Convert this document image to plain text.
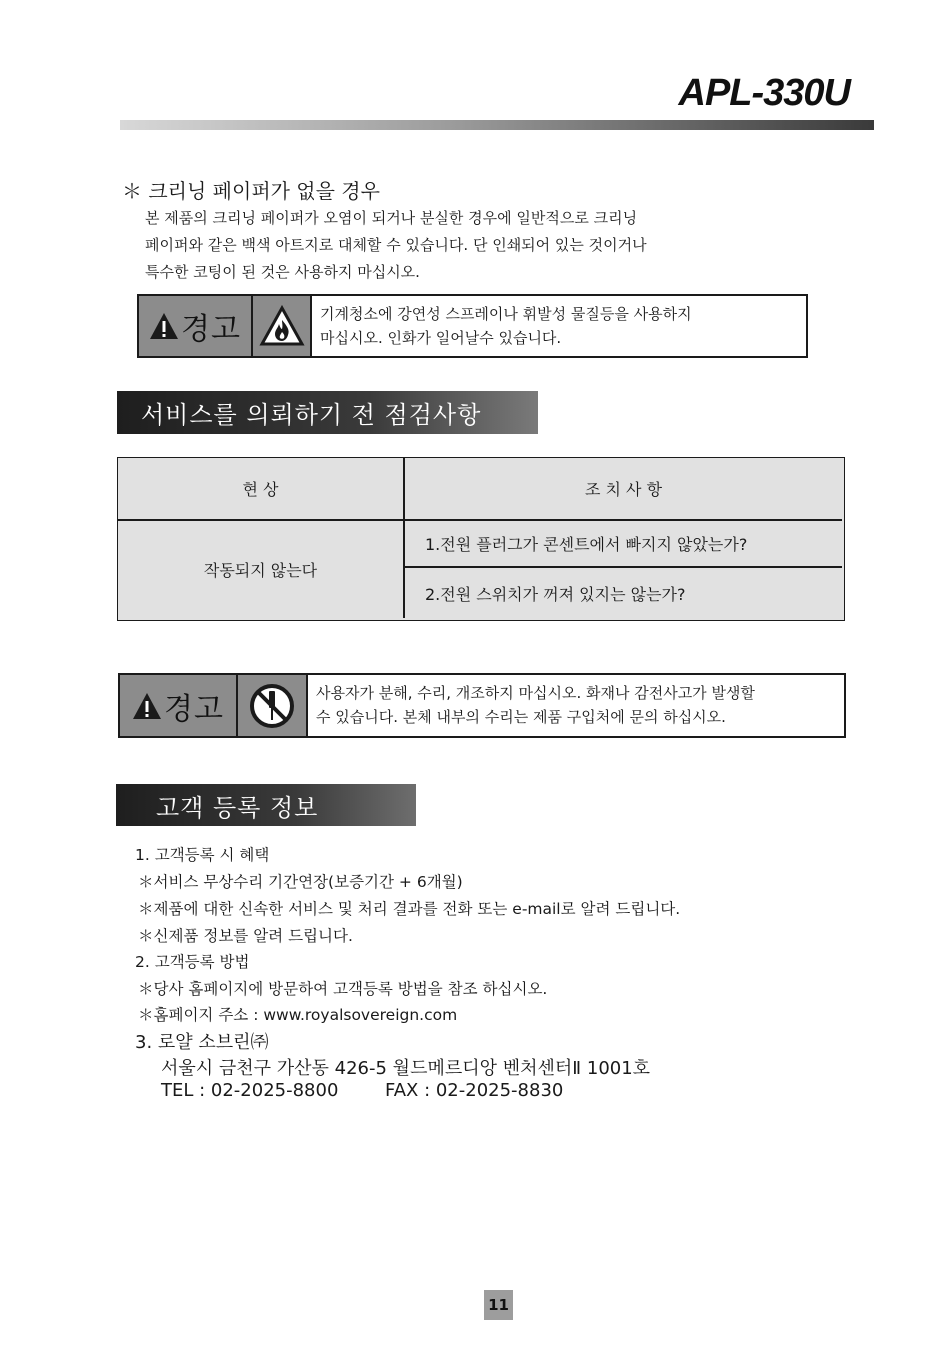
APL-330U
＊ 크리닝 페이퍼가 없을 경우
본 제품의 크리닝 페이퍼가 오염이 되거나 분실한 경우에 일반적으로 크리닝
페이퍼와 같은 백색 아트지로 대체할 수 있습니다. 단 인쇄되어 있는 것이거나
특수한 코팅이 된 것은 사용하지 마십시오.
경고	기계청소에 강연성 스프레이나 휘발성 물질등을 사용하지
마십시오. 인화가 일어날수 있습니다.
서비스를 의뢰하기 전 점검사항
현 상	조 치 사 항
작동되지 않는다
1.전원 플러그가 콘센트에서 빠지지 않았는가?
2.전원 스위치가 꺼져 있지는 않는가?
경고	사용자가 분해, 수리, 개조하지 마십시오. 화재나 감전사고가 발생할
수 있습니다. 본체 내부의 수리는 제품 구입처에 문의 하십시오.
고객 등록 정보
1. 고객등록 시 혜택
＊서비스 무상수리 기간연장(보증기간 + 6개월)
＊제품에 대한 신속한 서비스 및 처리 결과를 전화 또는 e-mail로 알려 드립니다.
＊신제품 정보를 알려 드립니다.
2. 고객등록 방법
＊당사 홈페이지에 방문하여 고객등록 방법을 참조 하십시오.
＊홈페이지 주소 : www.royalsovereign.com
3. 로얄 소브린㈜
서울시 금천구 가산동 426-5 월드메르디앙 벤처센터Ⅱ 1001호
TEL : 02-2025-8800	FAX : 02-2025-8830
11
